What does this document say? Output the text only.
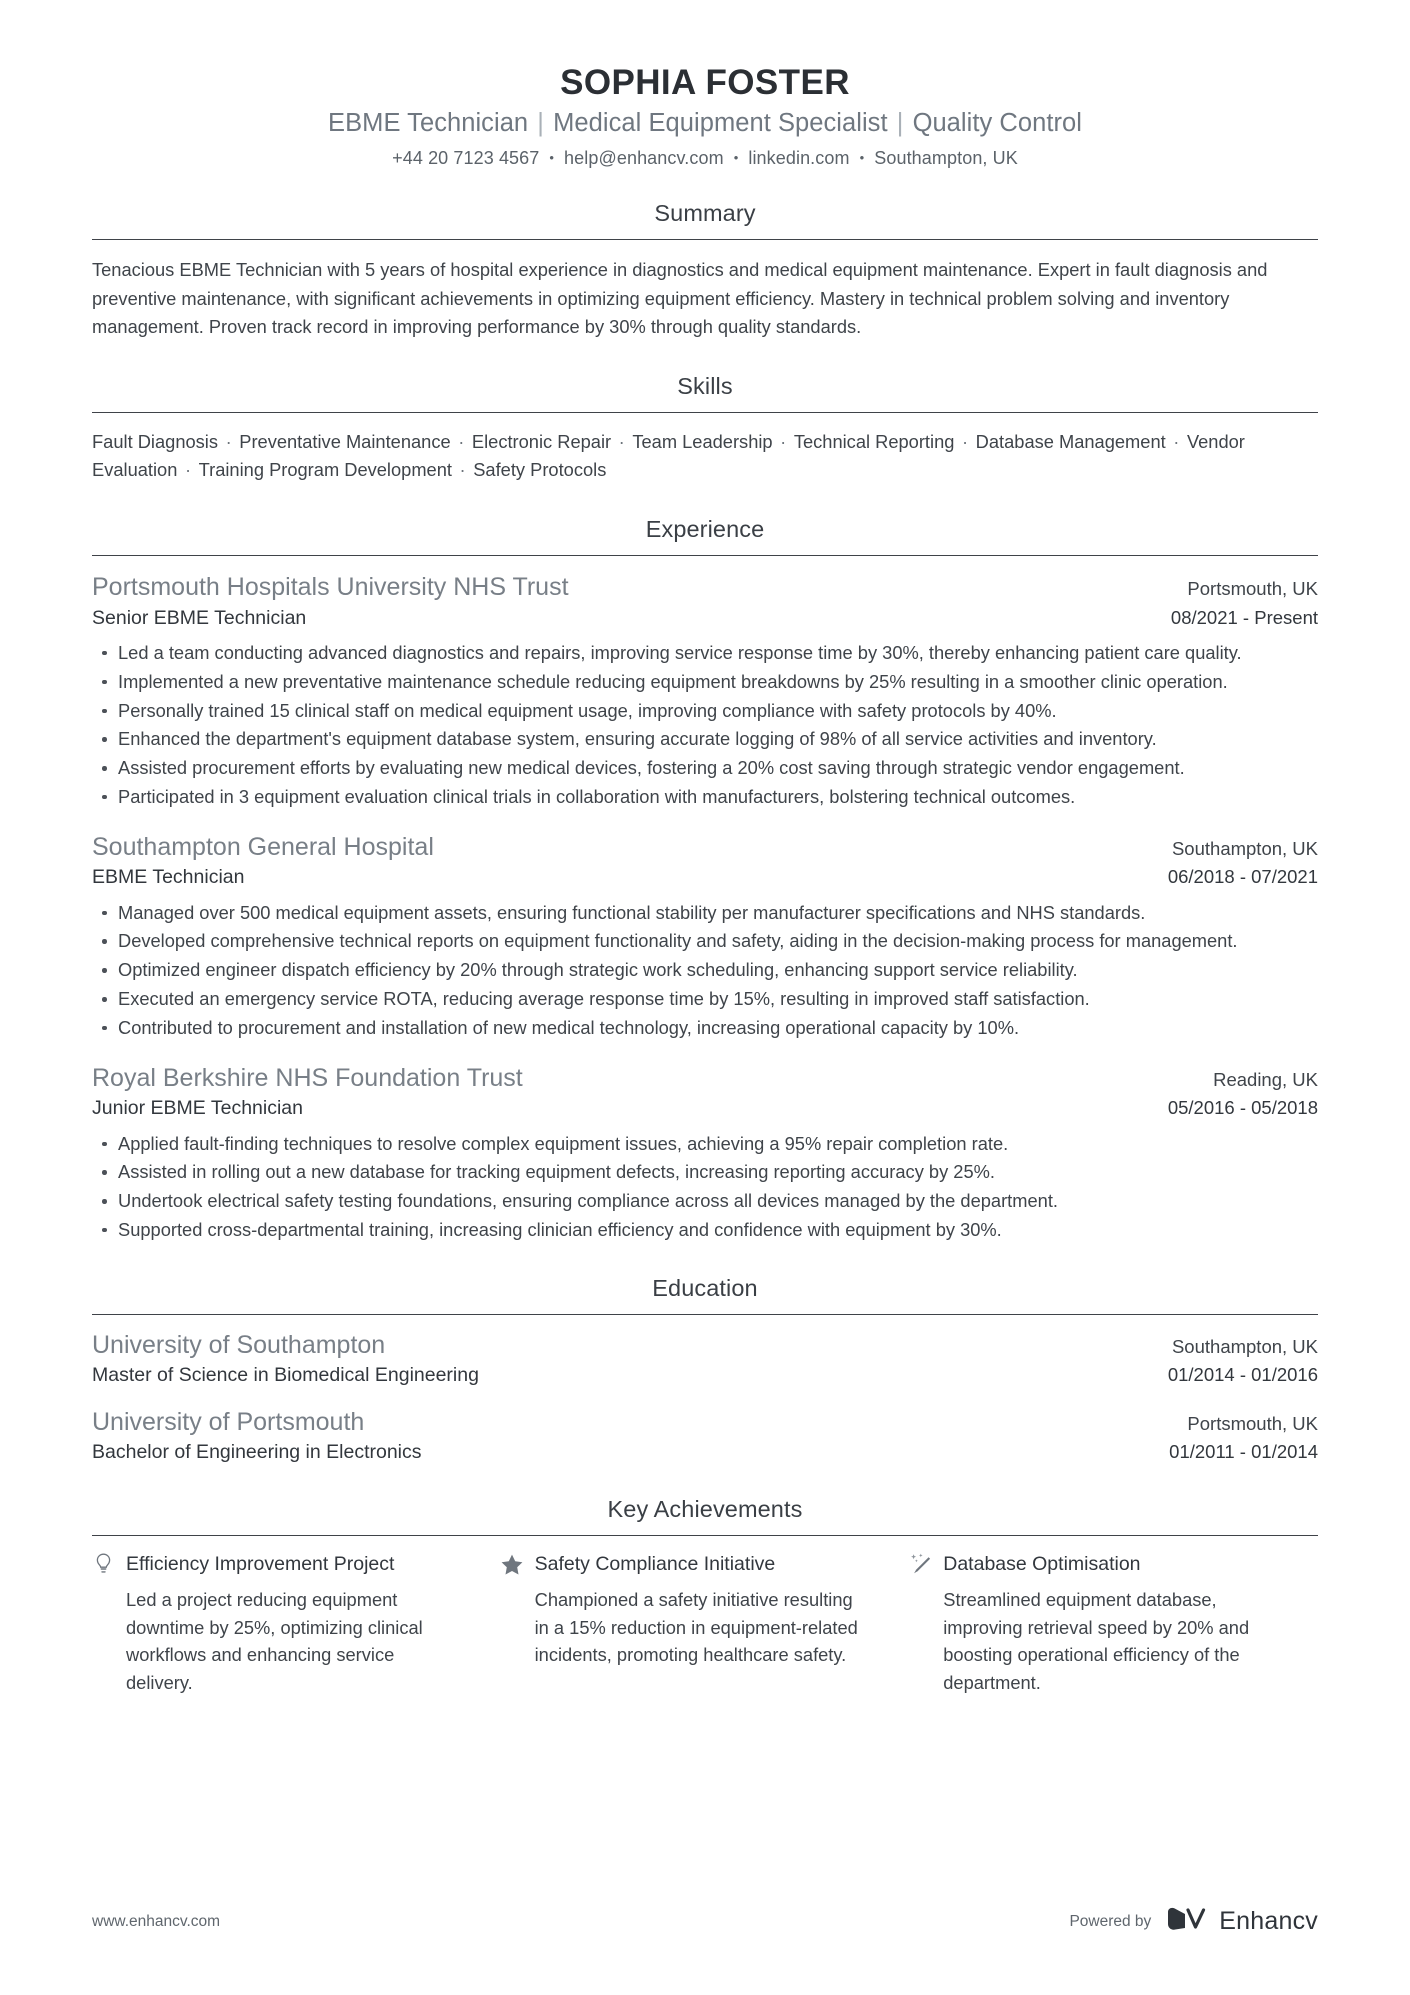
SOPHIA FOSTER
EBME Technician | Medical Equipment Specialist | Quality Control
+44 20 7123 4567 • help@enhancv.com • linkedin.com • Southampton, UK
Summary
Tenacious EBME Technician with 5 years of hospital experience in diagnostics and medical equipment maintenance. Expert in fault diagnosis and preventive maintenance, with significant achievements in optimizing equipment efficiency. Mastery in technical problem solving and inventory management. Proven track record in improving performance by 30% through quality standards.
Skills
Fault Diagnosis · Preventative Maintenance · Electronic Repair · Team Leadership · Technical Reporting · Database Management · Vendor Evaluation · Training Program Development · Safety Protocols
Experience
Portsmouth Hospitals University NHS Trust	Portsmouth, UK
Senior EBME Technician	08/2021 - Present
Led a team conducting advanced diagnostics and repairs, improving service response time by 30%, thereby enhancing patient care quality.
Implemented a new preventative maintenance schedule reducing equipment breakdowns by 25% resulting in a smoother clinic operation.
Personally trained 15 clinical staff on medical equipment usage, improving compliance with safety protocols by 40%.
Enhanced the department's equipment database system, ensuring accurate logging of 98% of all service activities and inventory.
Assisted procurement efforts by evaluating new medical devices, fostering a 20% cost saving through strategic vendor engagement.
Participated in 3 equipment evaluation clinical trials in collaboration with manufacturers, bolstering technical outcomes.
Southampton General Hospital	Southampton, UK
EBME Technician	06/2018 - 07/2021
Managed over 500 medical equipment assets, ensuring functional stability per manufacturer specifications and NHS standards.
Developed comprehensive technical reports on equipment functionality and safety, aiding in the decision-making process for management.
Optimized engineer dispatch efficiency by 20% through strategic work scheduling, enhancing support service reliability.
Executed an emergency service ROTA, reducing average response time by 15%, resulting in improved staff satisfaction.
Contributed to procurement and installation of new medical technology, increasing operational capacity by 10%.
Royal Berkshire NHS Foundation Trust	Reading, UK
Junior EBME Technician	05/2016 - 05/2018
Applied fault-finding techniques to resolve complex equipment issues, achieving a 95% repair completion rate.
Assisted in rolling out a new database for tracking equipment defects, increasing reporting accuracy by 25%.
Undertook electrical safety testing foundations, ensuring compliance across all devices managed by the department.
Supported cross-departmental training, increasing clinician efficiency and confidence with equipment by 30%.
Education
University of Southampton	Southampton, UK
Master of Science in Biomedical Engineering	01/2014 - 01/2016
University of Portsmouth	Portsmouth, UK
Bachelor of Engineering in Electronics	01/2011 - 01/2014
Key Achievements
Efficiency Improvement Project
Led a project reducing equipment downtime by 25%, optimizing clinical workflows and enhancing service delivery.
Safety Compliance Initiative
Championed a safety initiative resulting in a 15% reduction in equipment-related incidents, promoting healthcare safety.
Database Optimisation
Streamlined equipment database, improving retrieval speed by 20% and boosting operational efficiency of the department.
www.enhancv.com	Powered by	Enhancv
